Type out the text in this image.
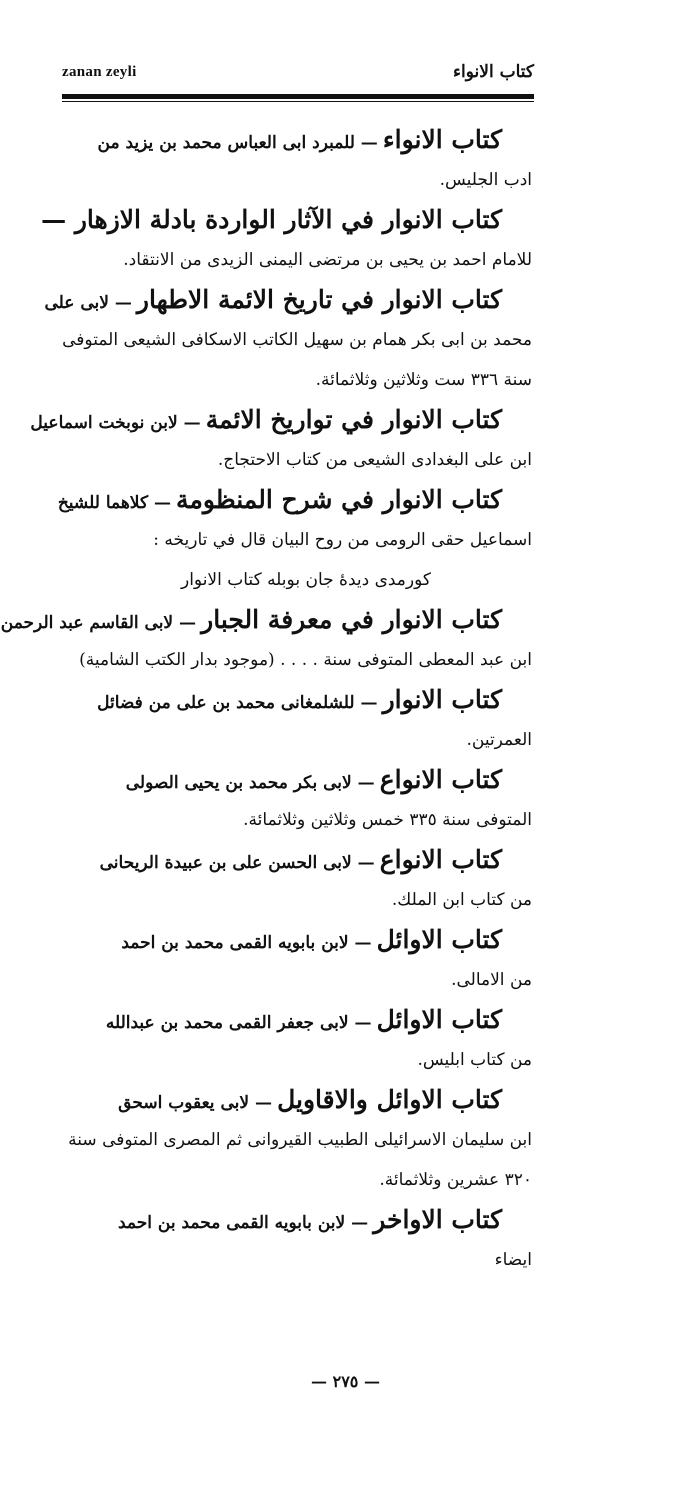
zanan zeyli	كتاب الانواء
كتاب الانواء — للمبرد ابى العباس محمد بن يزيد من
ادب الجليس.
كتاب الانوار في الآثار الواردة بادلة الازهار —
للامام احمد بن يحيى بن مرتضى اليمنى الزيدى من الانتقاد.
كتاب الانوار في تاريخ الائمة الاطهار — لابى على
محمد بن ابى بكر همام بن سهيل الكاتب الاسكافى الشيعى المتوفى
سنة ٣٣٦ ست وثلاثين وثلاثمائة.
كتاب الانوار في تواريخ الائمة — لابن نوبخت اسماعيل
ابن على البغدادى الشيعى من كتاب الاحتجاج.
كتاب الانوار في شرح المنظومة — كلاهما للشيخ
اسماعيل حقى الرومى من روح البيان قال في تاريخه :
كورمدى ديدهٔ جان بوبله كتاب الانوار
كتاب الانوار في معرفة الجبار — لابى القاسم عبد الرحمن
ابن عبد المعطى المتوفى سنة . . . . (موجود بدار الكتب الشامية)
كتاب الانوار — للشلمغانى محمد بن على من فضائل
العمرتين.
كتاب الانواع — لابى بكر محمد بن يحيى الصولى
المتوفى سنة ٣٣٥ خمس وثلاثين وثلاثمائة.
كتاب الانواع — لابى الحسن على بن عبيدة الريحانى
من كتاب ابن الملك.
كتاب الاوائل — لابن بابويه القمى محمد بن احمد
من الامالى.
كتاب الاوائل — لابى جعفر القمى محمد بن عبدالله
من كتاب ابليس.
كتاب الاوائل والاقاويل — لابى يعقوب اسحق
ابن سليمان الاسرائيلى الطبيب القيروانى ثم المصرى المتوفى سنة
٣٢٠ عشرين وثلاثمائة.
كتاب الاواخر — لابن بابويه القمى محمد بن احمد
ايضاء
— ٢٧٥ —
